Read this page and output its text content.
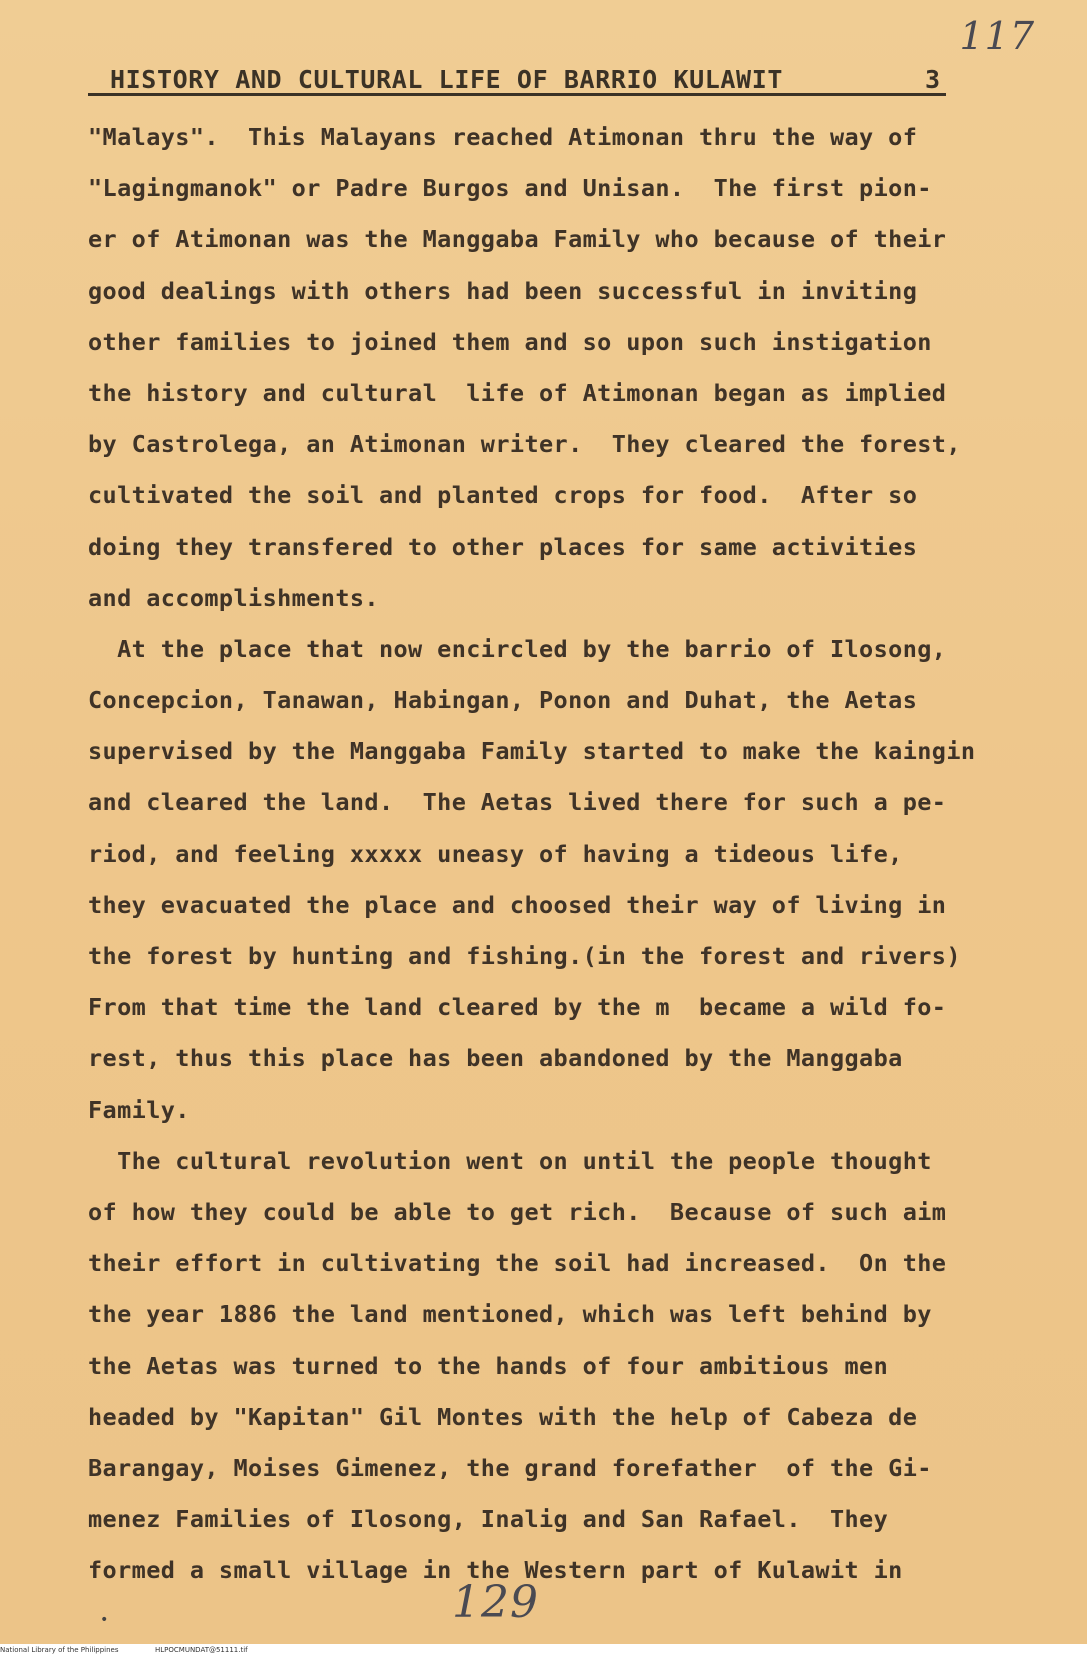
117
HISTORY AND CULTURAL LIFE OF BARRIO KULAWIT	3
"Malays".  This Malayans reached Atimonan thru the way of
"Lagingmanok" or Padre Burgos and Unisan.  The first pion-
er of Atimonan was the Manggaba Family who because of their
good dealings with others had been successful in inviting
other families to joined them and so upon such instigation
the history and cultural  life of Atimonan began as implied
by Castrolega, an Atimonan writer.  They cleared the forest,
cultivated the soil and planted crops for food.  After so
doing they transfered to other places for same activities
and accomplishments.
At the place that now encircled by the barrio of Ilosong,
Concepcion, Tanawan, Habingan, Ponon and Duhat, the Aetas
supervised by the Manggaba Family started to make the kaingin
and cleared the land.  The Aetas lived there for such a pe-
riod, and feeling xxxxx uneasy of having a tideous life,
they evacuated the place and choosed their way of living in
the forest by hunting and fishing.(in the forest and rivers)
From that time the land cleared by the m  became a wild fo-
rest, thus this place has been abandoned by the Manggaba
Family.
The cultural revolution went on until the people thought
of how they could be able to get rich.  Because of such aim
their effort in cultivating the soil had increased.  On the
the year 1886 the land mentioned, which was left behind by
the Aetas was turned to the hands of four ambitious men
headed by "Kapitan" Gil Montes with the help of Cabeza de
Barangay, Moises Gimenez, the grand forefather  of the Gi-
menez Families of Ilosong, Inalig and San Rafael.  They
formed a small village in the Western part of Kulawit in
•	129
National Library of the Philippines	HLPOCMUNDAT@51111.tif
